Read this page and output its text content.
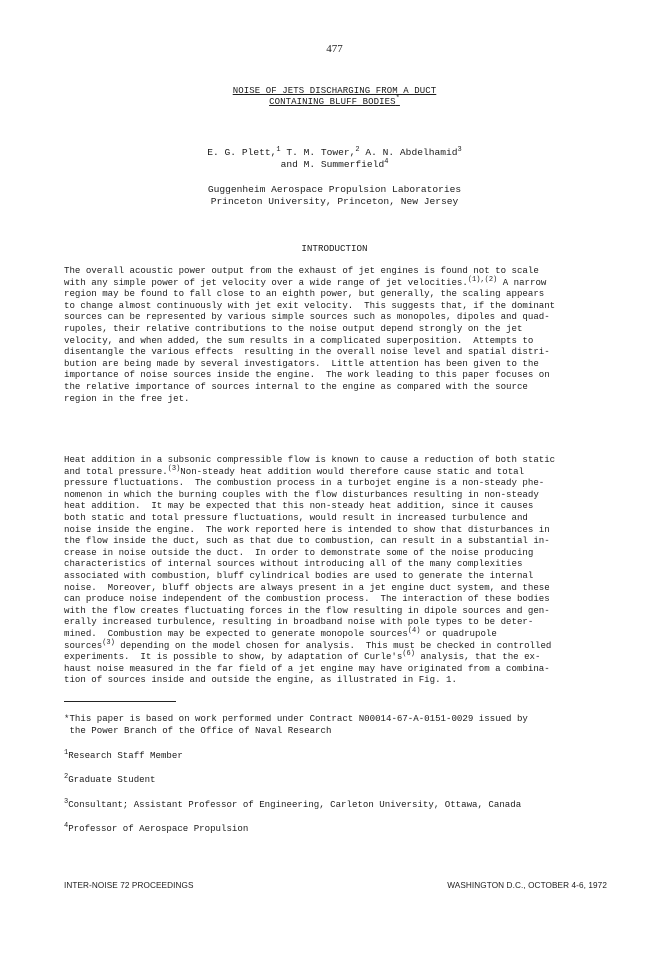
477
NOISE OF JETS DISCHARGING FROM A DUCT
CONTAINING BLUFF BODIES*
E. G. Plett,$^1$ T. M. Tower,$^2$ A. N. Abdelhamid$^3$
and M. Summerfield$^4$
Guggenheim Aerospace Propulsion Laboratories
Princeton University, Princeton, New Jersey
INTRODUCTION
The overall acoustic power output from the exhaust of jet engines is found not to scale
with any simple power of jet velocity over a wide range of jet velocities.$^{(1),(2)}$ A narrow
region may be found to fall close to an eighth power, but generally, the scaling appears
to change almost continuously with jet exit velocity.  This suggests that, if the dominant
sources can be represented by various simple sources such as monopoles, dipoles and quad-
rupoles, their relative contributions to the noise output depend strongly on the jet
velocity, and when added, the sum results in a complicated superposition.  Attempts to
disentangle the various effects  resulting in the overall noise level and spatial distri-
bution are being made by several investigators.  Little attention has been given to the
importance of noise sources inside the engine.  The work leading to this paper focuses on
the relative importance of sources internal to the engine as compared with the source
region in the free jet.
Heat addition in a subsonic compressible flow is known to cause a reduction of both static
and total pressure.$^{(3)}$Non-steady heat addition would therefore cause static and total
pressure fluctuations.  The combustion process in a turbojet engine is a non-steady phe-
nomenon in which the burning couples with the flow disturbances resulting in non-steady
heat addition.  It may be expected that this non-steady heat addition, since it causes
both static and total pressure fluctuations, would result in increased turbulence and
noise inside the engine.  The work reported here is intended to show that disturbances in
the flow inside the duct, such as that due to combustion, can result in a substantial in-
crease in noise outside the duct.  In order to demonstrate some of the noise producing
characteristics of internal sources without introducing all of the many complexities
associated with combustion, bluff cylindrical bodies are used to generate the internal
noise.  Moreover, bluff objects are always present in a jet engine duct system, and these
can produce noise independent of the combustion process.  The interaction of these bodies
with the flow creates fluctuating forces in the flow resulting in dipole sources and gen-
erally increased turbulence, resulting in broadband noise with pole types to be deter-
mined.  Combustion may be expected to generate monopole sources$^{(4)}$ or quadrupole
sources$^{(3)}$ depending on the model chosen for analysis.  This must be checked in controlled
experiments.  It is possible to show, by adaptation of $Curle's^{(6)}$ analysis, that the ex-
haust noise measured in the far field of a jet engine may have originated from a combina-
tion of sources inside and outside the engine, as illustrated in Fig. 1.
*This paper is based on work performed under Contract N00014-67-A-0151-0029 issued by
the Power Branch of the Office of Naval Research
$^1$Research Staff Member
$^2$Graduate Student
$^3$Consultant; Assistant Professor of Engineering, Carleton University, Ottawa, Canada
$^4$Professor of Aerospace Propulsion
INTER-NOISE 72 PROCEEDINGS	WASHINGTON D.C., OCTOBER 4-6, 1972
